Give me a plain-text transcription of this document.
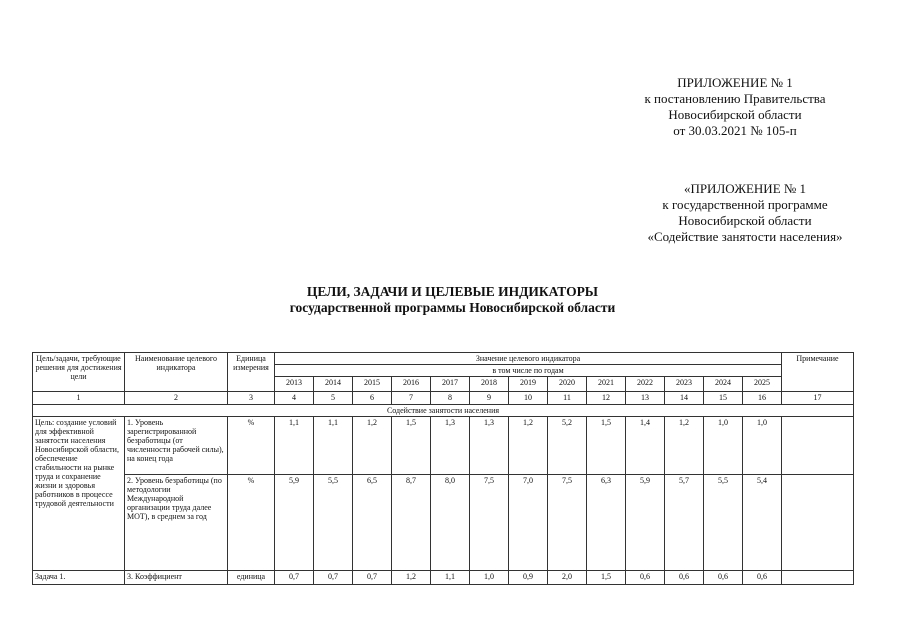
ПРИЛОЖЕНИЕ № 1
к постановлению Правительства
Новосибирской области
от 30.03.2021 № 105-п
«ПРИЛОЖЕНИЕ № 1
к государственной программе
Новосибирской области
«Содействие занятости населения»
ЦЕЛИ, ЗАДАЧИ И ЦЕЛЕВЫЕ ИНДИКАТОРЫ
государственной программы Новосибирской области
Цель/задачи, требующие решения для достижения цели	Наименование целевого индикатора	Единица измерения	Значение целевого индикатора													Примечание
			в том числе по годам													
			2013	2014	2015	2016	2017	2018	2019	2020	2021	2022	2023	2024	2025	
1	2	3	4	5	6	7	8	9	10	11	12	13	14	15	16	17
Содействие занятости населения																
Цель: создание условий для эффективной занятости населения Новосибирской области, обеспечение стабильности на рынке труда и сохранение жизни и здоровья работников в процессе трудовой деятельности	1. Уровень зарегистрированной безработицы (от численности рабочей силы), на конец года	%	1,1	1,1	1,2	1,5	1,3	1,3	1,2	5,2	1,5	1,4	1,2	1,0	1,0	
	2. Уровень безработицы (по методологии Международной организации труда далее МОТ), в среднем за год	%	5,9	5,5	6,5	8,7	8,0	7,5	7,0	7,5	6,3	5,9	5,7	5,5	5,4	
Задача 1.	3. Коэффициент	единица	0,7	0,7	0,7	1,2	1,1	1,0	0,9	2,0	1,5	0,6	0,6	0,6	0,6	
